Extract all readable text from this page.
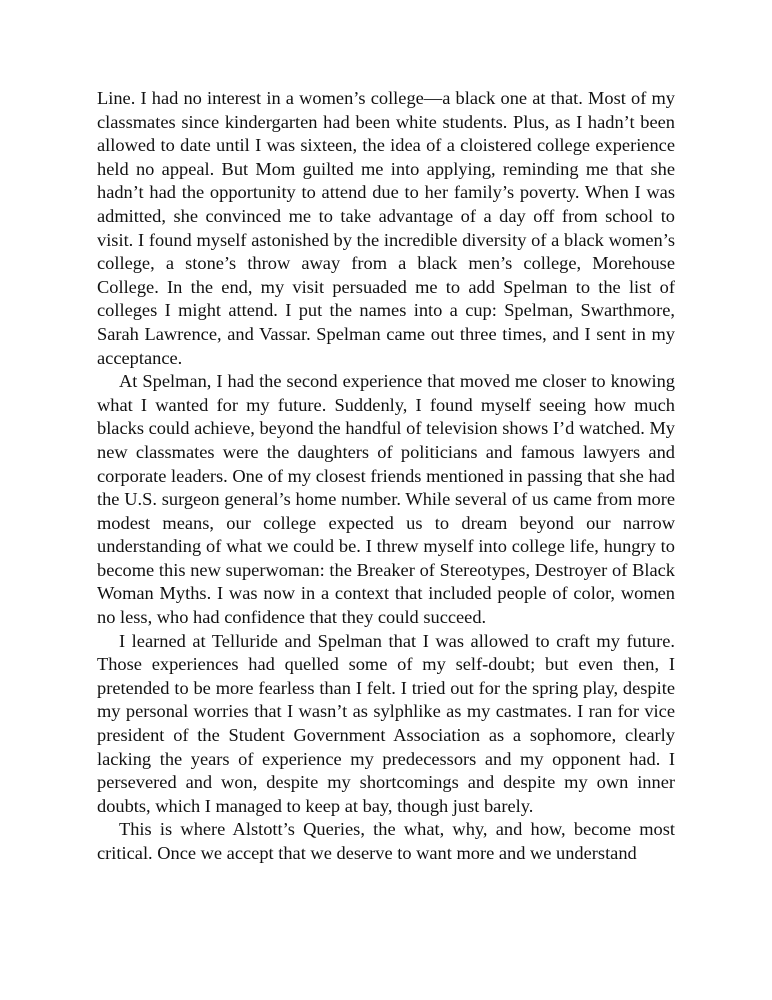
Line. I had no interest in a women’s college—a black one at that. Most of my classmates since kindergarten had been white students. Plus, as I hadn’t been allowed to date until I was sixteen, the idea of a cloistered college experience held no appeal. But Mom guilted me into applying, reminding me that she hadn’t had the opportunity to attend due to her family’s poverty. When I was admitted, she convinced me to take advantage of a day off from school to visit. I found myself astonished by the incredible diversity of a black women’s college, a stone’s throw away from a black men’s college, Morehouse College. In the end, my visit persuaded me to add Spelman to the list of colleges I might attend. I put the names into a cup: Spelman, Swarthmore, Sarah Lawrence, and Vassar. Spelman came out three times, and I sent in my acceptance.

At Spelman, I had the second experience that moved me closer to knowing what I wanted for my future. Suddenly, I found myself seeing how much blacks could achieve, beyond the handful of television shows I’d watched. My new classmates were the daughters of politicians and famous lawyers and corporate leaders. One of my closest friends mentioned in passing that she had the U.S. surgeon general’s home number. While several of us came from more modest means, our college expected us to dream beyond our narrow understanding of what we could be. I threw myself into college life, hungry to become this new superwoman: the Breaker of Stereotypes, Destroyer of Black Woman Myths. I was now in a context that included people of color, women no less, who had confidence that they could succeed.

I learned at Telluride and Spelman that I was allowed to craft my future. Those experiences had quelled some of my self-doubt; but even then, I pretended to be more fearless than I felt. I tried out for the spring play, despite my personal worries that I wasn’t as sylphlike as my castmates. I ran for vice president of the Student Government Association as a sophomore, clearly lacking the years of experience my predecessors and my opponent had. I persevered and won, despite my shortcomings and despite my own inner doubts, which I managed to keep at bay, though just barely.

This is where Alstott’s Queries, the what, why, and how, become most critical. Once we accept that we deserve to want more and we understand
